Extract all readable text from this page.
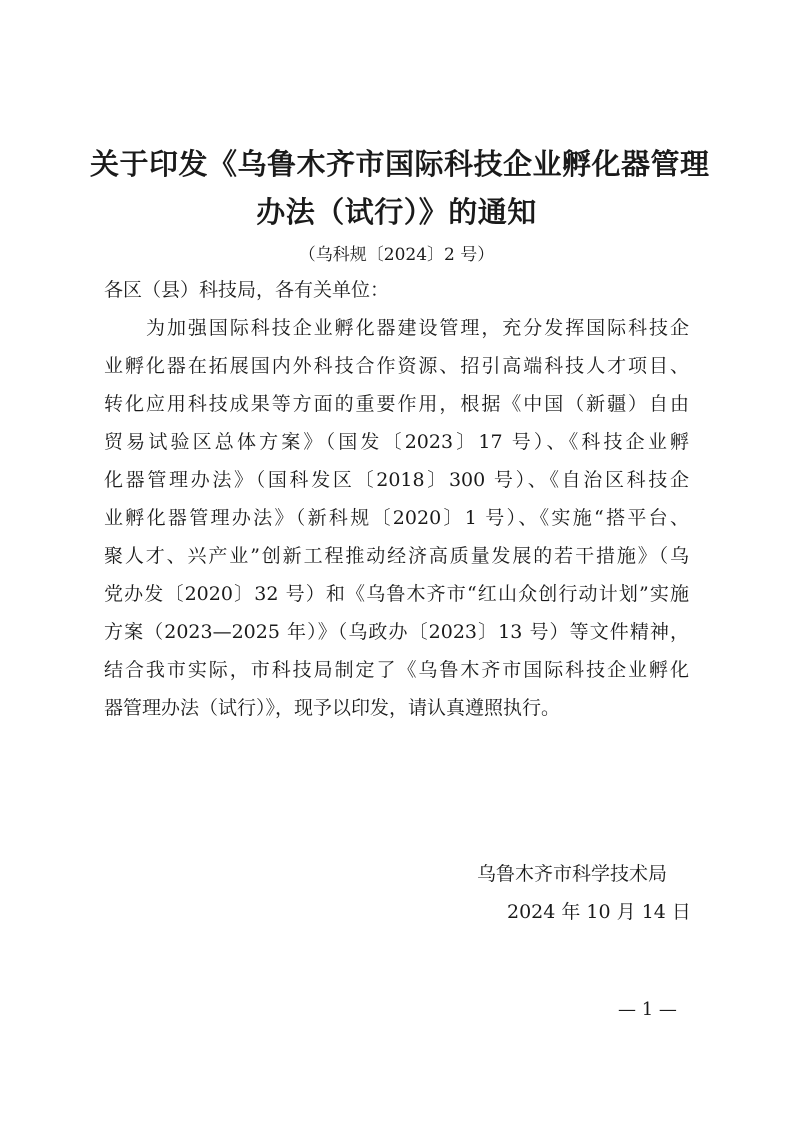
关于印发《乌鲁木齐市国际科技企业孵化器管理
办法（试行）》的通知
（乌科规〔2024〕2 号）
各区（县）科技局，各有关单位：
为加强国际科技企业孵化器建设管理，充分发挥国际科技企
业孵化器在拓展国内外科技合作资源、招引高端科技人才项目、
转化应用科技成果等方面的重要作用，根据《中国（新疆）自由
贸易试验区总体方案》（国发〔2023〕17 号）、《科技企业孵
化器管理办法》（国科发区〔2018〕300 号）、《自治区科技企
业孵化器管理办法》（新科规〔2020〕1 号）、《实施“搭平台、
聚人才、兴产业”创新工程推动经济高质量发展的若干措施》（乌
党办发〔2020〕32 号）和《乌鲁木齐市“红山众创行动计划”实施
方案（2023—2025 年）》（乌政办〔2023〕13 号）等文件精神，
结合我市实际，市科技局制定了《乌鲁木齐市国际科技企业孵化
器管理办法（试行）》，现予以印发，请认真遵照执行。
乌鲁木齐市科学技术局
2024 年 10 月 14 日
— 1 —
